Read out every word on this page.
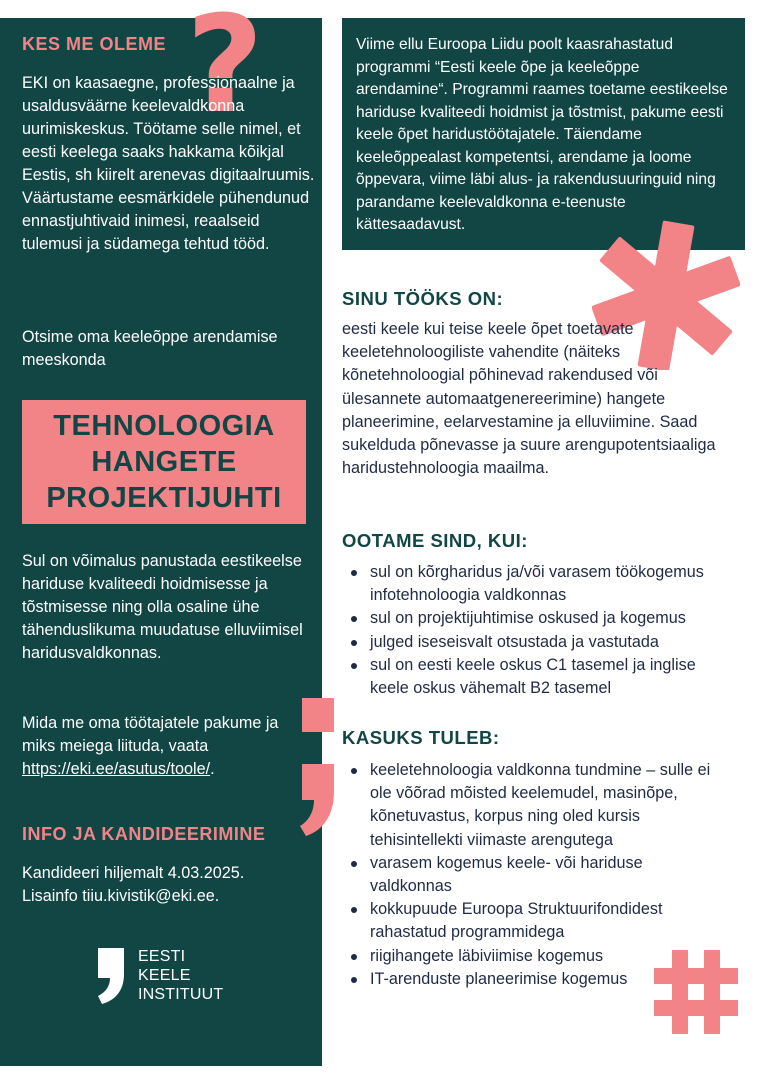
?
KES ME OLEME
EKI on kaasaegne, professionaalne ja usaldusväärne keelevaldkonna uurimiskeskus. Töötame selle nimel, et eesti keelega saaks hakkama kõikjal Eestis, sh kiirelt arenevas digitaalruumis. Väärtustame eesmärkidele pühendunud ennastjuhtivaid inimesi, reaalseid tulemusi ja südamega tehtud tööd.
Otsime oma keeleõppe arendamise meeskonda
TEHNOLOOGIA HANGETE PROJEKTIJUHTI
Sul on võimalus panustada eestikeelse hariduse kvaliteedi hoidmisesse ja tõstmisesse ning olla osaline ühe tähenduslikuma muudatuse elluviimisel haridusvaldkonnas.
Mida me oma töötajatele pakume ja miks meiega liituda, vaata https://eki.ee/asutus/toole/.
INFO JA KANDIDEERIMINE
Kandideeri hiljemalt 4.03.2025.
Lisainfo tiiu.kivistik@eki.ee.
EESTI
KEELE
INSTITUUT
Viime ellu Euroopa Liidu poolt kaasrahastatud programmi “Eesti keele õpe ja keeleõppe arendamine“. Programmi raames toetame eestikeelse hariduse kvaliteedi hoidmist ja tõstmist, pakume eesti keele õpet haridustöötajatele. Täiendame keeleõppealast kompetentsi, arendame ja loome õppevara, viime läbi alus- ja rakendusuuringuid ning parandame keelevaldkonna e-teenuste kättesaadavust.
SINU TÖÖKS ON:
eesti keele kui teise keele õpet toetavate keeletehnoloogiliste vahendite (näiteks kõnetehnoloogial põhinevad rakendused või ülesannete automaatgenereerimine) hangete planeerimine, eelarvestamine ja elluviimine. Saad sukelduda põnevasse ja suure arengupotentsiaaliga haridustehnoloogia maailma.
OOTAME SIND, KUI:
sul on kõrgharidus ja/või varasem töökogemus infotehnoloogia valdkonnas
sul on projektijuhtimise oskused ja kogemus
julged iseseisvalt otsustada ja vastutada
sul on eesti keele oskus C1 tasemel ja inglise keele oskus vähemalt B2 tasemel
KASUKS TULEB:
keeletehnoloogia valdkonna tundmine – sulle ei ole võõrad mõisted keelemudel, masinõpe, kõnetuvastus, korpus ning oled kursis tehisintellekti viimaste arengutega
varasem kogemus keele- või hariduse valdkonnas
kokkupuude Euroopa Struktuurifondidest rahastatud programmidega
riigihangete läbiviimise kogemus
IT-arenduste planeerimise kogemus
